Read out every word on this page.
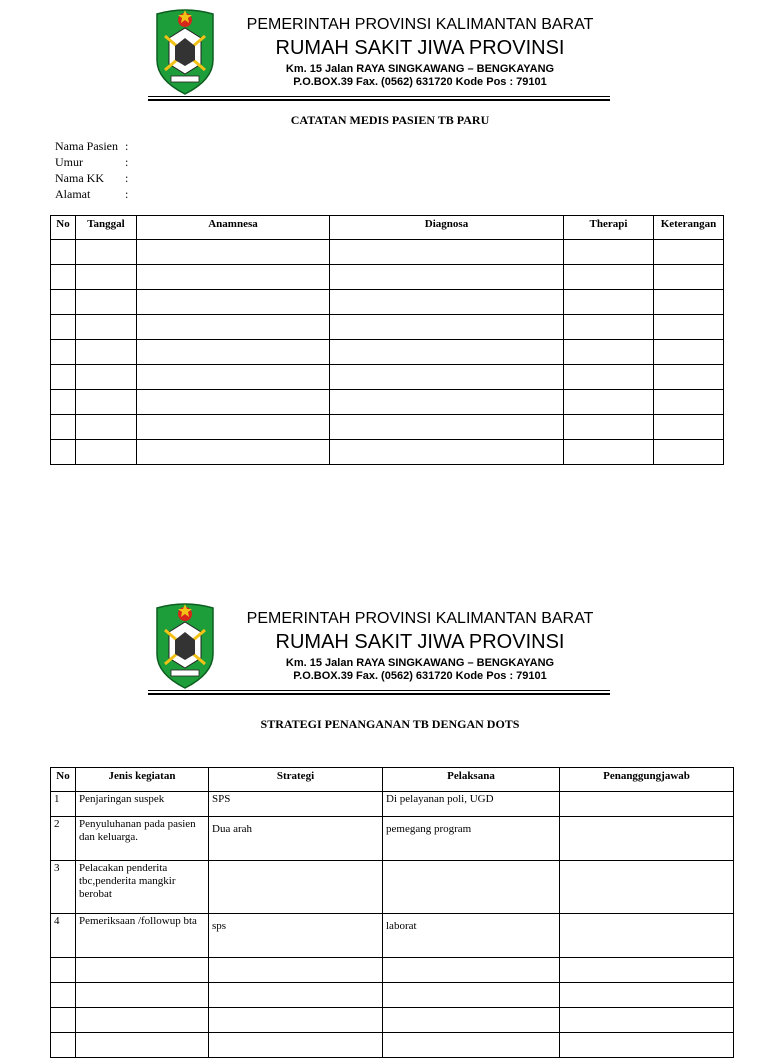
PEMERINTAH PROVINSI KALIMANTAN BARAT
RUMAH SAKIT JIWA PROVINSI
Km. 15 Jalan RAYA SINGKAWANG – BENGKAYANG
P.O.BOX.39 Fax. (0562) 631720 Kode Pos : 79101
CATATAN MEDIS PASIEN TB PARU
Nama Pasien :
Umur	:
Nama KK :
Alamat	:
No	Tanggal	Anamnesa	Diagnosa	Therapi	Keterangan

PEMERINTAH PROVINSI KALIMANTAN BARAT
RUMAH SAKIT JIWA PROVINSI
Km. 15 Jalan RAYA SINGKAWANG – BENGKAYANG
P.O.BOX.39 Fax. (0562) 631720 Kode Pos : 79101
STRATEGI PENANGANAN TB DENGAN DOTS
No	Jenis kegiatan	Strategi	Pelaksana	Penanggungjawab
1	Penjaringan suspek	SPS	Di pelayanan poli, UGD	
2	Penyuluhanan pada pasien dan keluarga.	Dua arah	pemegang program	
3	Pelacakan penderita tbc,penderita mangkir berobat			
4	Pemeriksaan /followup bta	sps	laborat	
